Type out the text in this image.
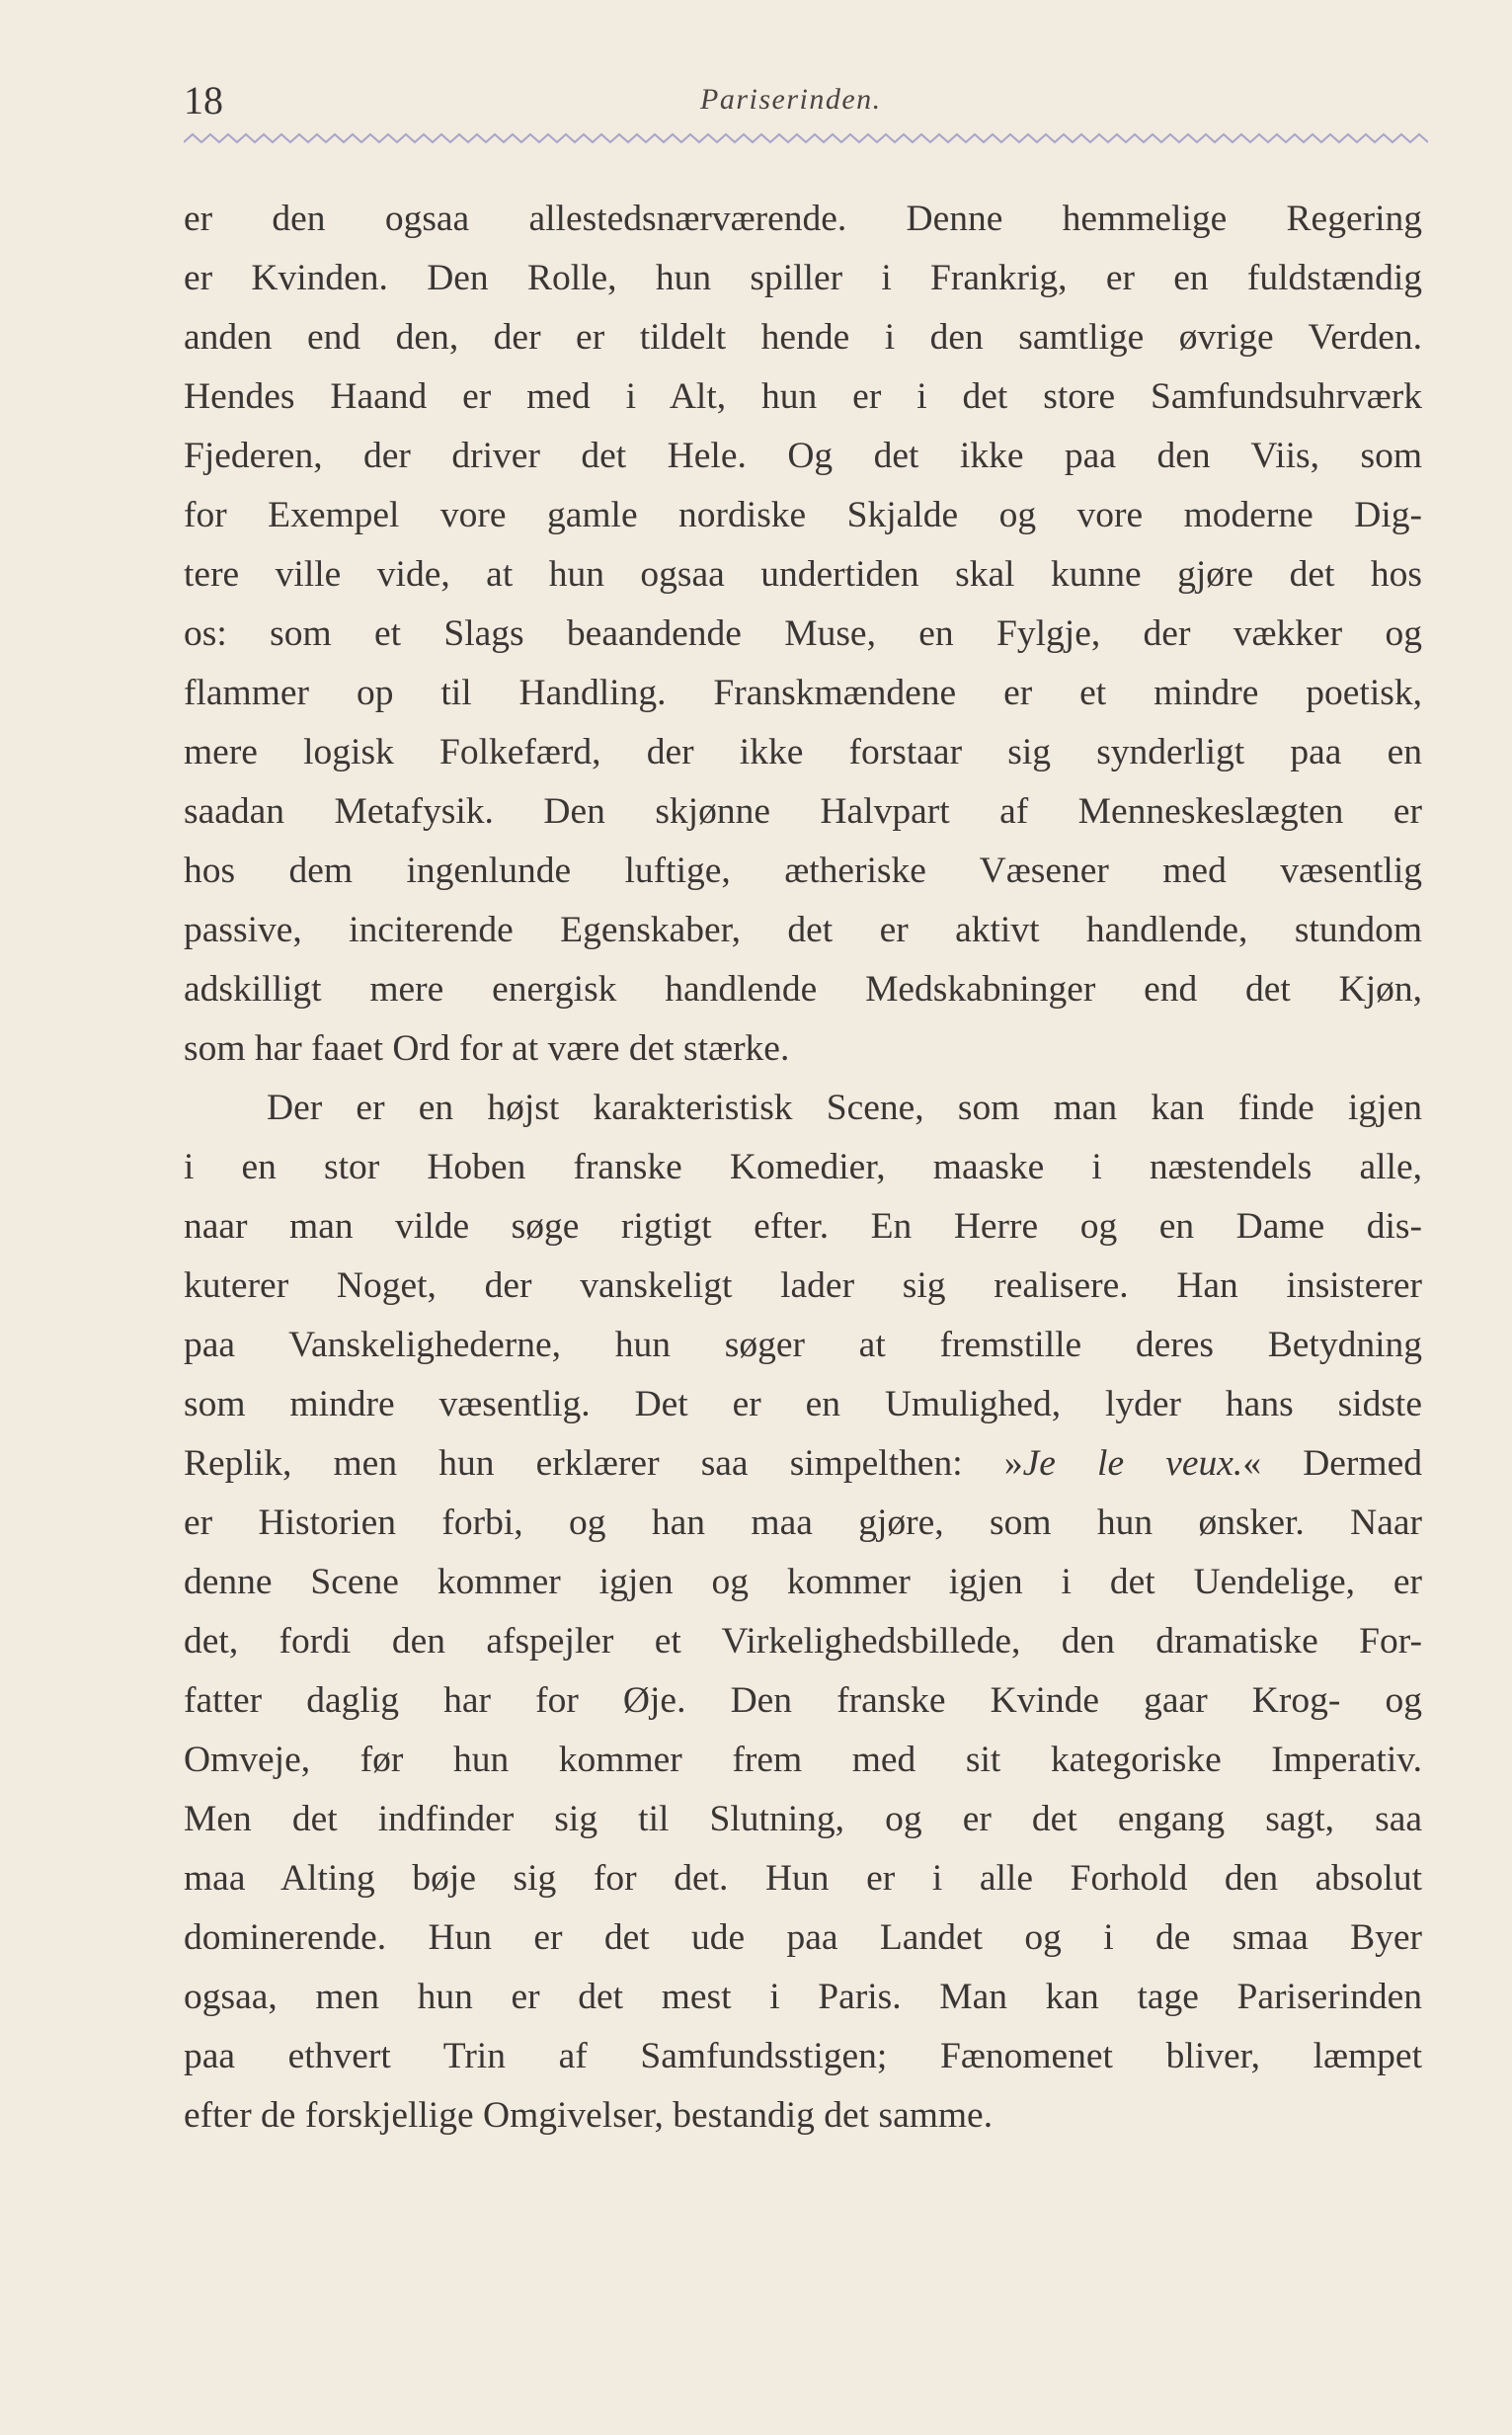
18	Pariserinden.
er den ogsaa allestedsnærværende. Denne hemmelige Regering
er Kvinden. Den Rolle, hun spiller i Frankrig, er en fuldstændig
anden end den, der er tildelt hende i den samtlige øvrige Verden.
Hendes Haand er med i Alt, hun er i det store Samfundsuhrværk
Fjederen, der driver det Hele. Og det ikke paa den Viis, som
for Exempel vore gamle nordiske Skjalde og vore moderne Dig-
tere ville vide, at hun ogsaa undertiden skal kunne gjøre det hos
os: som et Slags beaandende Muse, en Fylgje, der vækker og
flammer op til Handling. Franskmændene er et mindre poetisk,
mere logisk Folkefærd, der ikke forstaar sig synderligt paa en
saadan Metafysik. Den skjønne Halvpart af Menneskeslægten er
hos dem ingenlunde luftige, ætheriske Væsener med væsentlig
passive, inciterende Egenskaber, det er aktivt handlende, stundom
adskilligt mere energisk handlende Medskabninger end det Kjøn,
som har faaet Ord for at være det stærke.
Der er en højst karakteristisk Scene, som man kan finde igjen
i en stor Hoben franske Komedier, maaske i næstendels alle,
naar man vilde søge rigtigt efter. En Herre og en Dame dis-
kuterer Noget, der vanskeligt lader sig realisere. Han insisterer
paa Vanskelighederne, hun søger at fremstille deres Betydning
som mindre væsentlig. Det er en Umulighed, lyder hans sidste
Replik, men hun erklærer saa simpelthen: »Je le veux.« Dermed
er Historien forbi, og han maa gjøre, som hun ønsker. Naar
denne Scene kommer igjen og kommer igjen i det Uendelige, er
det, fordi den afspejler et Virkelighedsbillede, den dramatiske For-
fatter daglig har for Øje. Den franske Kvinde gaar Krog- og
Omveje, før hun kommer frem med sit kategoriske Imperativ.
Men det indfinder sig til Slutning, og er det engang sagt, saa
maa Alting bøje sig for det. Hun er i alle Forhold den absolut
dominerende. Hun er det ude paa Landet og i de smaa Byer
ogsaa, men hun er det mest i Paris. Man kan tage Pariserinden
paa ethvert Trin af Samfundsstigen; Fænomenet bliver, læmpet
efter de forskjellige Omgivelser, bestandig det samme.
